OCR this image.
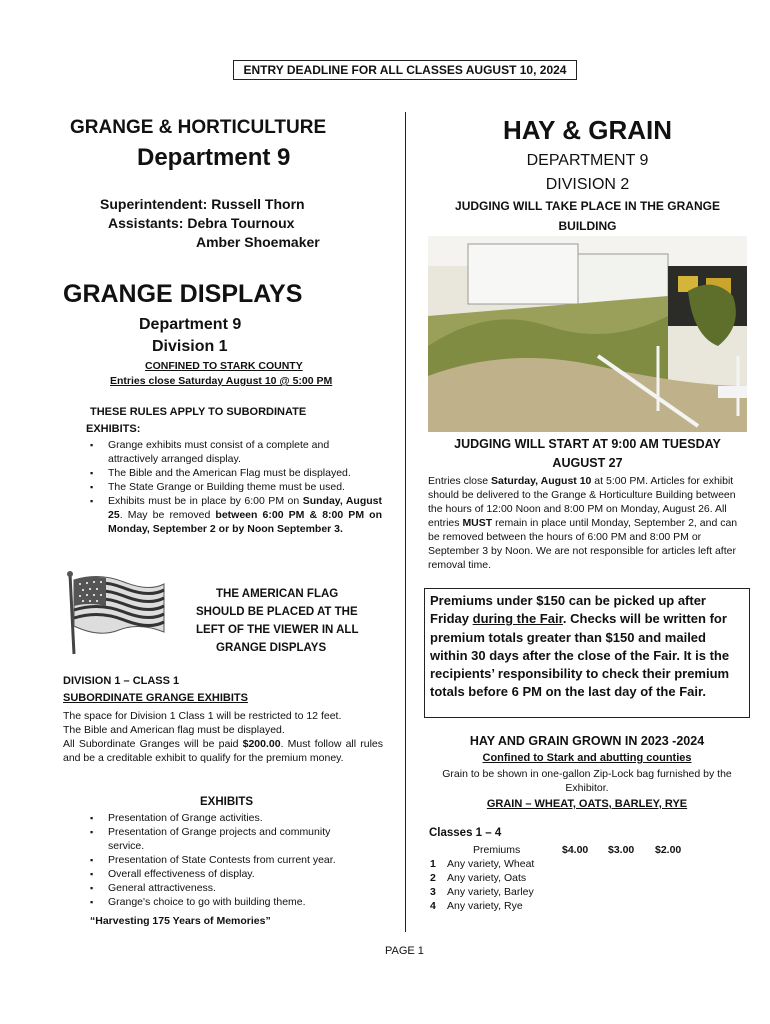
ENTRY DEADLINE FOR ALL CLASSES AUGUST 10, 2024
GRANGE & HORTICULTURE
Department 9
Superintendent: Russell Thorn
Assistants: Debra Tournoux
Amber Shoemaker
GRANGE DISPLAYS
Department 9
Division 1
CONFINED TO STARK COUNTY
Entries close Saturday August 10 @ 5:00 PM
THESE RULES APPLY TO SUBORDINATE
EXHIBITS:
▪ Grange exhibits must consist of a complete and attractively arranged display.
▪ The Bible and the American Flag must be displayed.
▪ The State Grange or Building theme must be used.
▪ Exhibits must be in place by 6:00 PM on Sunday, August 25. May be removed between 6:00 PM & 8:00 PM on Monday, September 2 or by Noon September 3.
THE AMERICAN FLAG
SHOULD BE PLACED AT THE
LEFT OF THE VIEWER IN ALL
GRANGE DISPLAYS
DIVISION 1 – CLASS 1
SUBORDINATE GRANGE EXHIBITS
The space for Division 1 Class 1 will be restricted to 12 feet.
The Bible and American flag must be displayed.
All Subordinate Granges will be paid $200.00. Must follow all rules and be a creditable exhibit to qualify for the premium money.
EXHIBITS
▪ Presentation of Grange activities.
▪ Presentation of Grange projects and community service.
▪ Presentation of State Contests from current year.
▪ Overall effectiveness of display.
▪ General attractiveness.
▪ Grange's choice to go with building theme.
“Harvesting 175 Years of Memories”
HAY & GRAIN
DEPARTMENT 9
DIVISION 2
JUDGING WILL TAKE PLACE IN THE GRANGE
BUILDING
JUDGING WILL START AT 9:00 AM TUESDAY
AUGUST 27
Entries close Saturday, August 10 at 5:00 PM. Articles for exhibit should be delivered to the Grange & Horticulture Building between the hours of 12:00 Noon and 8:00 PM on Monday, August 26. All entries MUST remain in place until Monday, September 2, and can be removed between the hours of 6:00 PM and 8:00 PM or September 3 by Noon. We are not responsible for articles left after removal time.
Premiums under $150 can be picked up after Friday during the Fair. Checks will be written for premium totals greater than $150 and mailed within 30 days after the close of the Fair. It is the recipients’ responsibility to check their premium totals before 6 PM on the last day of the Fair.
HAY AND GRAIN GROWN IN 2023 -2024
Confined to Stark and abutting counties
Grain to be shown in one-gallon Zip-Lock bag furnished by the Exhibitor.
GRAIN – WHEAT, OATS, BARLEY, RYE
Classes 1 – 4
Premiums	$4.00 $3.00 $2.00
1 Any variety, Wheat
2 Any variety, Oats
3 Any variety, Barley
4 Any variety, Rye
PAGE 1
